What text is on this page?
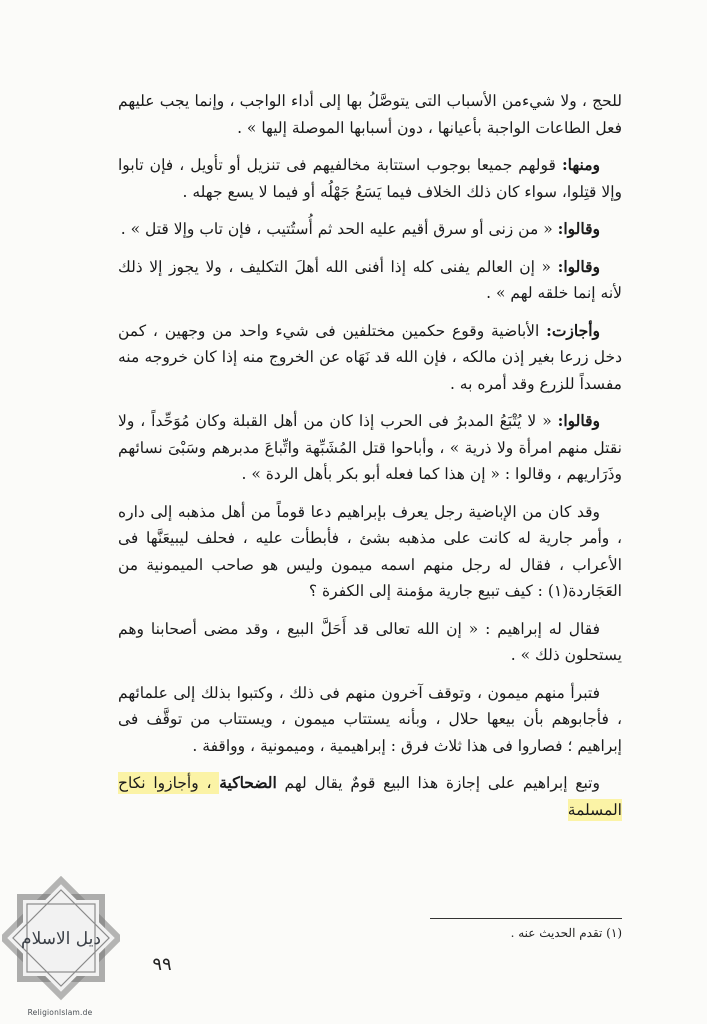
للحج ، ولا شيءمن الأسباب التى يتوصَّلُ بها إلى أداء الواجب ، وإنما يجب عليهم فعل الطاعات الواجبة بأعيانها ، دون أسبابها الموصلة إليها » .

ومنها: قولهم جميعا بوجوب استتابة مخالفيهم فى تنزيل أو تأويل ، فإن تابوا وإلا قتِلوا، سواء كان ذلك الخلاف فيما يَسَعُ جَهْلُه أو فيما لا يسع جهله .

وقالوا: « من زنى أو سرق أقيم عليه الحد ثم أُستُتيب ، فإن تاب وإلا قتل » .

وقالوا: « إن العالم يفنى كله إذا أفنى الله أهلَ التكليف ، ولا يجوز إلا ذلك لأنه إنما خلقه لهم » .

وأجازت: الأباضية وقوع حكمين مختلفين فى شيء واحد من وجهين ، كمن دخل زرعا بغير إذن مالكه ، فإن الله قد نَهَاه عن الخروج منه إذا كان خروجه منه مفسداً للزرع وقد أمره به .

وقالوا: « لا يُتْبَعُ المدبرُ فى الحرب إذا كان من أهل القبلة وكان مُوَحِّداً ، ولا نقتل منهم امرأة ولا ذرية » ، وأباحوا قتل المُشَبِّهة واتِّباعَ مدبرهم وسَبْىَ نسائهم وذَرَاريهم ، وقالوا : « إن هذا كما فعله أبو بكر بأهل الردة » .

وقد كان من الإباضية رجل يعرف بإبراهيم دعا قوماً من أهل مذهبه إلى داره ، وأمر جارية له كانت على مذهبه بشئ ، فأبطأت عليه ، فحلف ليبيعَنَّها فى الأعراب ، فقال له رجل منهم اسمه ميمون وليس هو صاحب الميمونية من العَجَاردة(١) : كيف تبيع جارية مؤمنة إلى الكفرة ؟

فقال له إبراهيم : « إن الله تعالى قد أَحَلَّ البيع ، وقد مضى أصحابنا وهم يستحلون ذلك » .

فتبرأ منهم ميمون ، وتوقف آخرون منهم فى ذلك ، وكتبوا بذلك إلى علمائهم ، فأجابوهم بأن بيعها حلال ، وبأنه يستتاب ميمون ، ويستتاب من توقَّف فى إبراهيم ؛ فصاروا فى هذا ثلاث فرق : إبراهيمية ، وميمونية ، وواقفة .

وتبع إبراهيم على إجازة هذا البيع قومٌ يقال لهم الضحاكية ، وأجازوا نكاح المسلمة

(١) تقدم الحديث عنه .
٩٩
ديل الاسلام
Religionlslam.de
